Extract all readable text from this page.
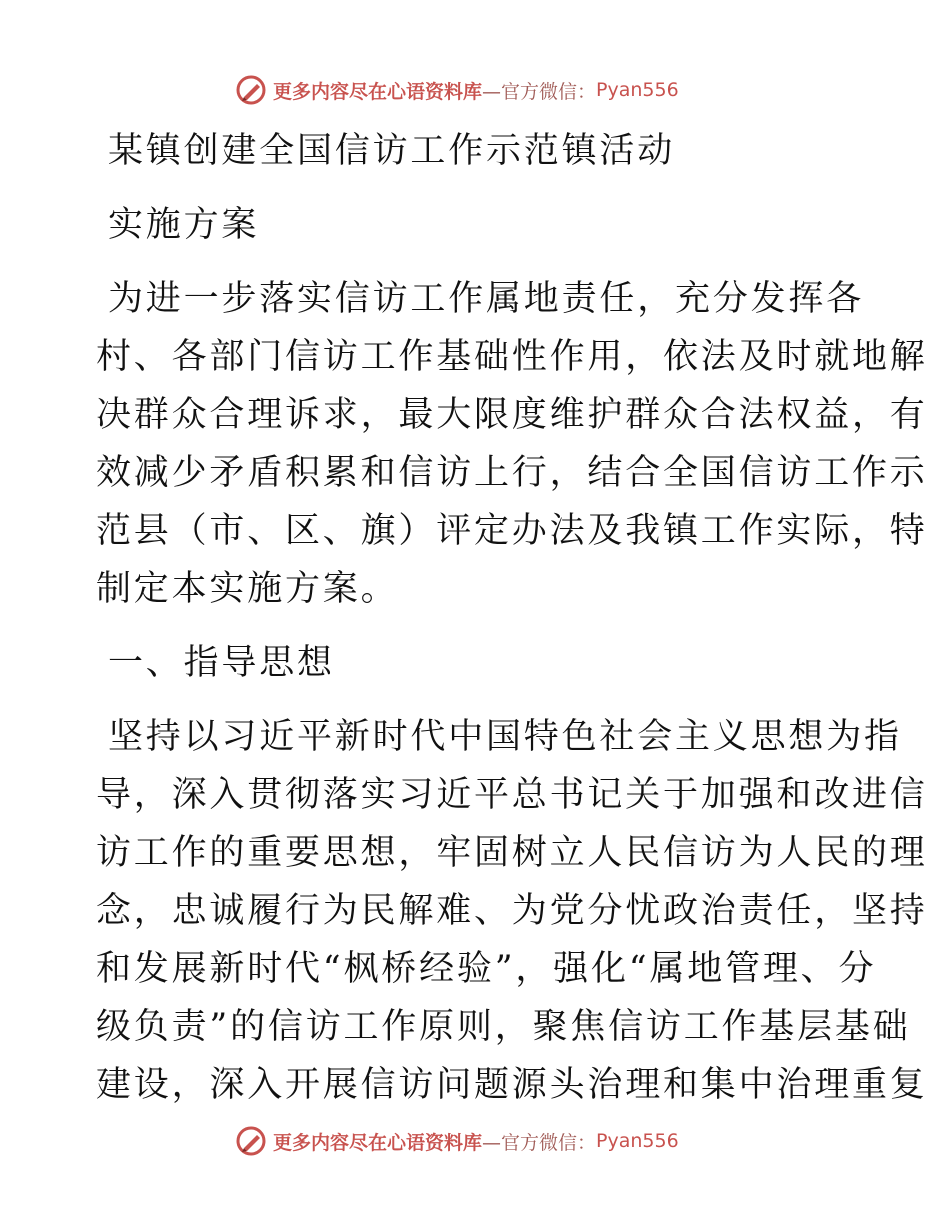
更多内容尽在心语资料库 —官方微信： Pyan556
某镇创建全国信访工作示范镇活动
实施方案
为进一步落实信访工作属地责任，充分发挥各
村、各部门信访工作基础性作用，依法及时就地解
决群众合理诉求，最大限度维护群众合法权益，有
效减少矛盾积累和信访上行，结合全国信访工作示
范县（市、区、旗）评定办法及我镇工作实际，特
制定本实施方案。
一、指导思想
坚持以习近平新时代中国特色社会主义思想为指
导，深入贯彻落实习近平总书记关于加强和改进信
访工作的重要思想，牢固树立人民信访为人民的理
念，忠诚履行为民解难、为党分忧政治责任，坚持
和发展新时代“枫桥经验”，强化“属地管理、分
级负责”的信访工作原则，聚焦信访工作基层基础
建设，深入开展信访问题源头治理和集中治理重复
更多内容尽在心语资料库 —官方微信： Pyan556
